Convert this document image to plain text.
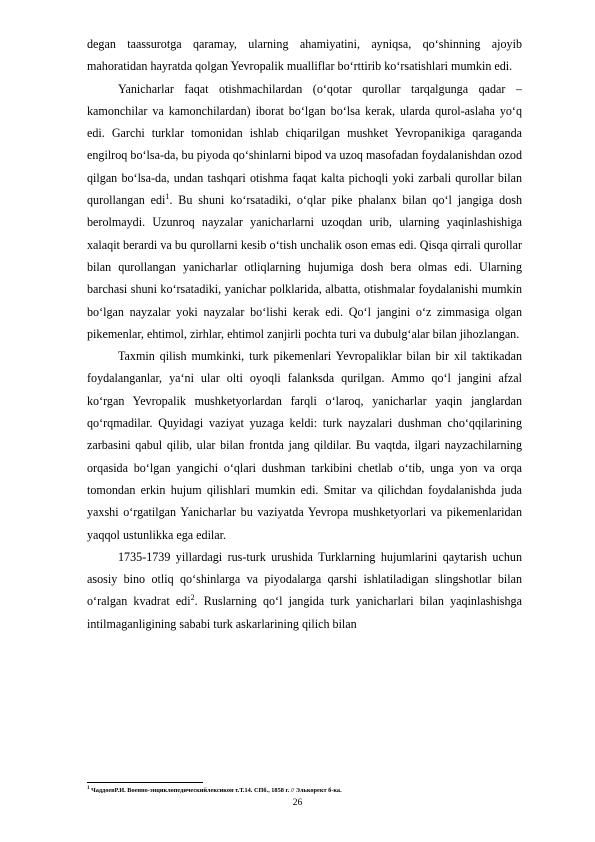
degan taassurotga qaramay, ularning ahamiyatini, ayniqsa, qo‘shinning ajoyib mahoratidan hayratda qolgan Yevropalik mualliflar bo‘rttirib ko‘rsatishlari mumkin edi.

Yanicharlar faqat otishmachilardan (o‘qotar qurollar tarqalgunga qadar – kamonchilar va kamonchilardan) iborat bo‘lgan bo‘lsa kerak, ularda qurol-aslaha yo‘q edi. Garchi turklar tomonidan ishlab chiqarilgan mushket Yevropanikiga qaraganda engilroq bo‘lsa-da, bu piyoda qo‘shinlarni bipod va uzoq masofadan foydalanishdan ozod qilgan bo‘lsa-da, undan tashqari otishma faqat kalta pichoqli yoki zarbali qurollar bilan qurollangan edi$^1$. Bu shuni ko‘rsatadiki, o‘qlar pike phalanx bilan qo‘l jangiga dosh berolmaydi. Uzunroq nayzalar yanicharlarni uzoqdan urib, ularning yaqinlashishiga xalaqit berardi va bu qurollarni kesib o‘tish unchalik oson emas edi. Qisqa qirrali qurollar bilan qurollangan yanicharlar otliqlarning hujumiga dosh bera olmas edi. Ularning barchasi shuni ko‘rsatadiki, yanichar polklarida, albatta, otishmalar foydalanishi mumkin bo‘lgan nayzalar yoki nayzalar bo‘lishi kerak edi. Qo‘l jangini o‘z zimmasiga olgan pikemenlar, ehtimol, zirhlar, ehtimol zanjirli pochta turi va dubulg‘alar bilan jihozlangan.

Taxmin qilish mumkinki, turk pikemenlari Yevropaliklar bilan bir xil taktikadan foydalanganlar, ya‘ni ular olti oyoqli falanksda qurilgan. Ammo qo‘l jangini afzal ko‘rgan Yevropalik mushketyorlardan farqli o‘laroq, yanicharlar yaqin janglardan qo‘rqmadilar. Quyidagi vaziyat yuzaga keldi: turk nayzalari dushman cho‘qqilarining zarbasini qabul qilib, ular bilan frontda jang qildilar. Bu vaqtda, ilgari nayzachilarning orqasida bo‘lgan yangichi o‘qlari dushman tarkibini chetlab o‘tib, unga yon va orqa tomondan erkin hujum qilishlari mumkin edi. Smitar va qilichdan foydalanishda juda yaxshi o‘rgatilgan Yanicharlar bu vaziyatda Yevropa mushketyorlari va pikemenlaridan yaqqol ustunlikka ega edilar.

1735-1739 yillardagi rus-turk urushida Turklarning hujumlarini qaytarish uchun asosiy bino otliq qo‘shinlarga va piyodalarga qarshi ishlatiladigan slingshotlar bilan o‘ralgan kvadrat edi$^2$. Ruslarning qo‘l jangida turk yanicharlari bilan yaqinlashishga intilmaganligining sababi turk askarlarining qilich bilan

$^1$ ЧаддоевР.И. Военно-энциклопедическийлексикон т.Т.14. СПб., 1858 г. // Элькорект б-ка.
26
